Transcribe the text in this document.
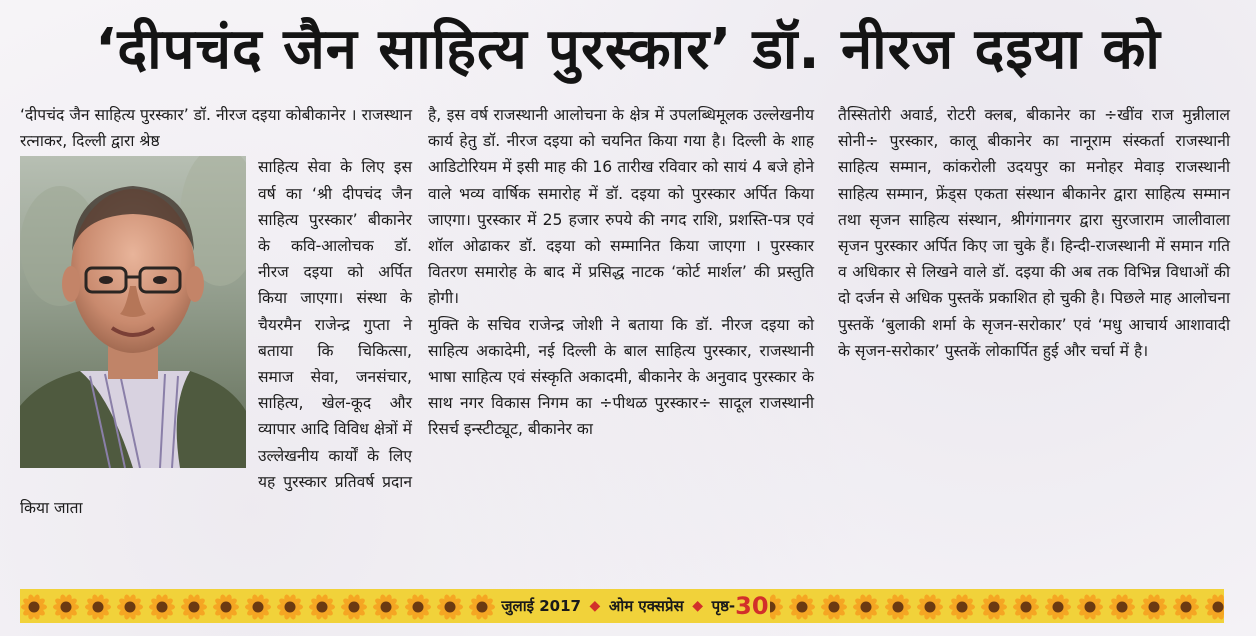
‘दीपचंद जैन साहित्य पुरस्कार’ डॉ. नीरज दइया को

‘दीपचंद जैन साहित्य पुरस्कार’ डॉ. नीरज दइया कोबीकानेर । राजस्थान रत्नाकर, दिल्ली द्वारा श्रेष्ठ

साहित्य सेवा के लिए इस वर्ष का ‘श्री दीपचंद जैन साहित्य पुरस्कार’ बीकानेर के कवि-आलोचक डॉ. नीरज दइया को अर्पित किया जाएगा। संस्था के चैयरमैन राजेन्द्र गुप्ता ने बताया कि चिकित्सा, समाज सेवा, जनसंचार, साहित्य, खेल-कूद और व्यापार आदि विविध क्षेत्रों में उल्लेखनीय कार्यों के लिए यह पुरस्कार प्रतिवर्ष प्रदान किया जाता

है, इस वर्ष राजस्थानी आलोचना के क्षेत्र में उपलब्धिमूलक उल्लेखनीय कार्य हेतु डॉ. नीरज दइया को चयनित किया गया है। दिल्ली के शाह आडिटोरियम में इसी माह की 16 तारीख रविवार को सायं 4 बजे होने वाले भव्य वार्षिक समारोह में डॉ. दइया को पुरस्कार अर्पित किया जाएगा। पुरस्कार में 25 हजार रुपये की नगद राशि, प्रशस्ति-पत्र एवं शॉल ओढाकर डॉ. दइया को सम्मानित किया जाएगा । पुरस्कार वितरण समारोह के बाद में प्रसिद्ध नाटक ‘कोर्ट मार्शल’ की प्रस्तुति होगी।

मुक्ति के सचिव राजेन्द्र जोशी ने बताया कि डॉ. नीरज दइया को साहित्य अकादेमी, नई दिल्ली के बाल साहित्य पुरस्कार, राजस्थानी भाषा साहित्य एवं संस्कृति अकादमी, बीकानेर के अनुवाद पुरस्कार के साथ नगर विकास निगम का ÷पीथळ पुरस्कार÷ सादूल राजस्थानी रिसर्च इन्स्टीट्यूट, बीकानेर का

तैस्सितोरी अवार्ड, रोटरी क्लब, बीकानेर का ÷खींव राज मुन्नीलाल सोनी÷ पुरस्कार, कालू बीकानेर का नानूराम संस्कर्ता राजस्थानी साहित्य सम्मान, कांकरोली उदयपुर का मनोहर मेवाड़ राजस्थानी साहित्य सम्मान, फ्रेंड्स एकता संस्थान बीकानेर द्वारा साहित्य सम्मान तथा सृजन साहित्य संस्थान, श्रीगंगानगर द्वारा सुरजाराम जालीवाला सृजन पुरस्कार अर्पित किए जा चुके हैं। हिन्दी-राजस्थानी में समान गति व अधिकार से लिखने वाले डॉ. दइया की अब तक विभिन्न विधाओं की दो दर्जन से अधिक पुस्तकें प्रकाशित हो चुकी है। पिछले माह आलोचना पुस्तकें ‘बुलाकी शर्मा के सृजन-सरोकार’ एवं ‘मधु आचार्य आशावादी के सृजन-सरोकार’ पुस्तकें लोकार्पित हुई और चर्चा में है।

जुलाई 2017 ◆ ओम एक्सप्रेस ◆ पृष्ठ-30
